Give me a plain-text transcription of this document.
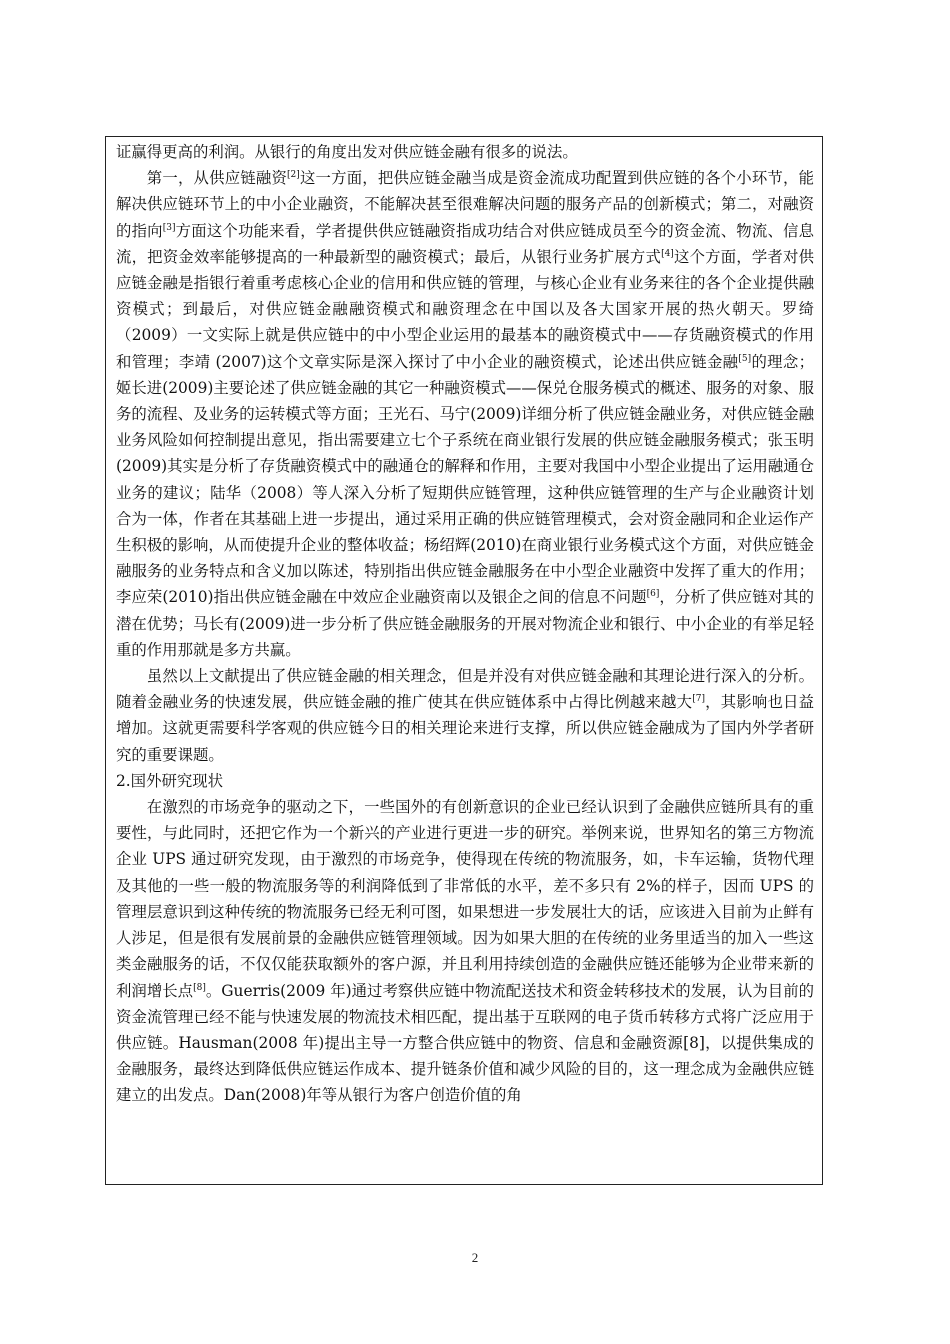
证赢得更高的利润。从银行的角度出发对供应链金融有很多的说法。

第一，从供应链融资[2]这一方面，把供应链金融当成是资金流成功配置到供应链的各个小环节，能解决供应链环节上的中小企业融资，不能解决甚至很难解决问题的服务产品的创新模式；第二，对融资的指向[3]方面这个功能来看，学者提供供应链融资指成功结合对供应链成员至今的资金流、物流、信息流，把资金效率能够提高的一种最新型的融资模式；最后，从银行业务扩展方式[4]这个方面，学者对供应链金融是指银行着重考虑核心企业的信用和供应链的管理，与核心企业有业务来往的各个企业提供融资模式；到最后，对供应链金融融资模式和融资理念在中国以及各大国家开展的热火朝天。罗绮（2009）一文实际上就是供应链中的中小型企业运用的最基本的融资模式中——存货融资模式的作用和管理；李靖 (2007)这个文章实际是深入探讨了中小企业的融资模式，论述出供应链金融[5]的理念；姬长进(2009)主要论述了供应链金融的其它一种融资模式——保兑仓服务模式的概述、服务的对象、服务的流程、及业务的运转模式等方面；王光石、马宁(2009)详细分析了供应链金融业务，对供应链金融业务风险如何控制提出意见，指出需要建立七个子系统在商业银行发展的供应链金融服务模式；张玉明 (2009)其实是分析了存货融资模式中的融通仓的解释和作用，主要对我国中小型企业提出了运用融通仓业务的建议；陆华（2008）等人深入分析了短期供应链管理，这种供应链管理的生产与企业融资计划合为一体，作者在其基础上进一步提出，通过采用正确的供应链管理模式，会对资金融同和企业运作产生积极的影响，从而使提升企业的整体收益；杨绍辉(2010)在商业银行业务模式这个方面，对供应链金融服务的业务特点和含义加以陈述，特别指出供应链金融服务在中小型企业融资中发挥了重大的作用；李应荣(2010)指出供应链金融在中效应企业融资南以及银企之间的信息不问题[6]，分析了供应链对其的潜在优势；马长有(2009)进一步分析了供应链金融服务的开展对物流企业和银行、中小企业的有举足轻重的作用那就是多方共赢。

虽然以上文献提出了供应链金融的相关理念，但是并没有对供应链金融和其理论进行深入的分析。随着金融业务的快速发展，供应链金融的推广使其在供应链体系中占得比例越来越大[7]，其影响也日益增加。这就更需要科学客观的供应链今日的相关理论来进行支撑，所以供应链金融成为了国内外学者研究的重要课题。

2.国外研究现状

在激烈的市场竞争的驱动之下，一些国外的有创新意识的企业已经认识到了金融供应链所具有的重要性，与此同时，还把它作为一个新兴的产业进行更进一步的研究。举例来说，世界知名的第三方物流企业 UPS 通过研究发现，由于激烈的市场竞争，使得现在传统的物流服务，如，卡车运输，货物代理及其他的一些一般的物流服务等的利润降低到了非常低的水平，差不多只有 2%的样子，因而 UPS 的管理层意识到这种传统的物流服务已经无利可图，如果想进一步发展壮大的话，应该进入目前为止鲜有人涉足，但是很有发展前景的金融供应链管理领域。因为如果大胆的在传统的业务里适当的加入一些这类金融服务的话，不仅仅能获取额外的客户源，并且利用持续创造的金融供应链还能够为企业带来新的利润增长点[8]。Guerris(2009 年)通过考察供应链中物流配送技术和资金转移技术的发展，认为目前的资金流管理已经不能与快速发展的物流技术相匹配，提出基于互联网的电子货币转移方式将广泛应用于供应链。Hausman(2008 年)提出主导一方整合供应链中的物资、信息和金融资源[8]，以提供集成的金融服务，最终达到降低供应链运作成本、提升链条价值和减少风险的目的，这一理念成为金融供应链建立的出发点。Dan(2008)年等从银行为客户创造价值的角

2
